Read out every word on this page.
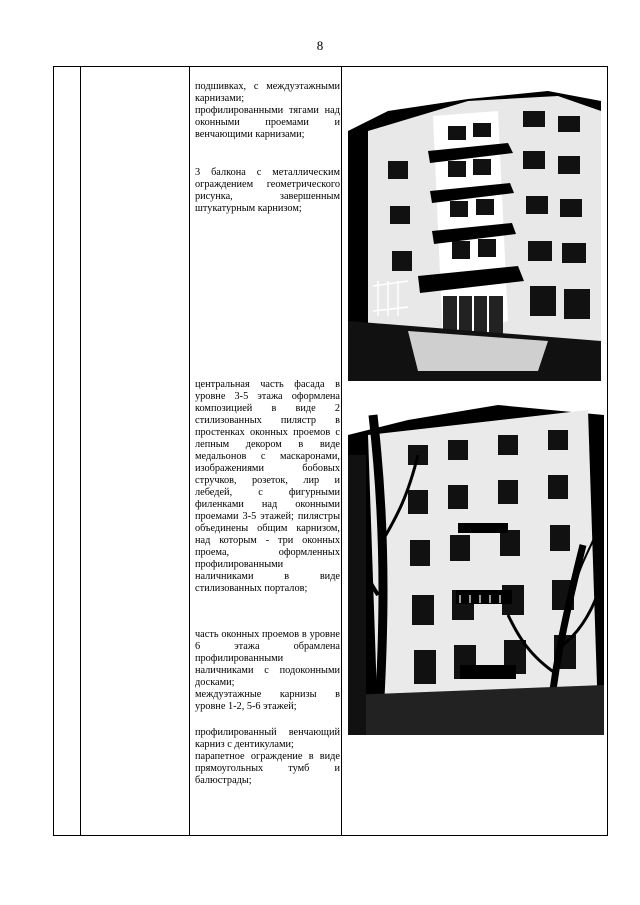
8

подшивках, с междуэтажными карнизами;

профилированными тягами над оконными проемами и венчающими карнизами;

3 балкона с металлическим ограждением геометрического рисунка, завершенным штукатурным карнизом;

центральная часть фасада в уровне 3-5 этажа оформлена композицией в виде 2 стилизованных пилястр в простенках оконных проемов с лепным декором в виде медальонов с маскаронами, изображениями бобовых стручков, розеток, лир и лебедей, с фигурными филенками над оконными проемами 3-5 этажей; пилястры объединены общим карнизом, над которым - три оконных проема, оформленных профилированными наличниками в виде стилизованных порталов;

часть оконных проемов в уровне 6 этажа обрамлена профилированными наличниками с подоконными досками;

междуэтажные карнизы в уровне 1-2, 5-6 этажей;

профилированный венчающий карниз с дентикулами;

парапетное ограждение в виде прямоугольных тумб и балюстрады;
